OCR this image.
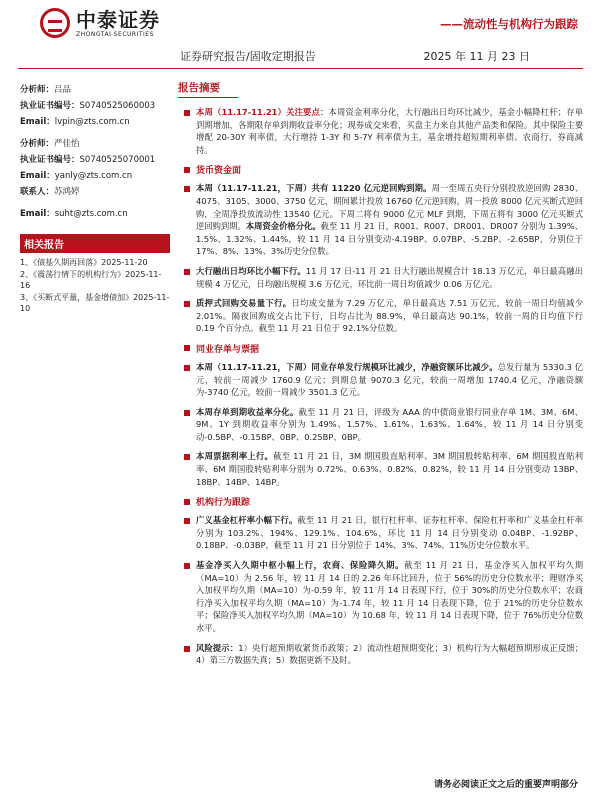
中泰证券
ZHONGTAI SECURITIES
——流动性与机构行为跟踪
证券研究报告/固收定期报告	2025 年 11 月 23 日
分析师：吕品
执业证书编号：S0740525060003
Email：lvpin@zts.com.cn
分析师：严佳怡
执业证书编号：S0740525070001
Email：yanly@zts.com.cn
联系人：苏鸿婷
Email：suht@zts.com.cn
相关报告
1、《债基久期再回落》2025-11-20
2、《震荡行情下的机构行为》2025-11-16
3、《买断式平量，基金增债加》2025-11-10
报告摘要
本周（11.17-11.21）关注要点：本周资金利率分化，大行融出日均环比减少，基金小幅降杠杆；存单到期增加，各期限存单到期收益率分化；现券成交来看，买盘主力来自其他产品类和保险。其中保险主要增配 20-30Y 利率债，大行增持 1-3Y 和 5-7Y 利率债为主，基金增持超短期利率债、农商行、券商减持。
货币资金面
本周（11.17-11.21，下周）共有 11220 亿元逆回购到期。周一至周五央行分别投放逆回购 2830、4075、3105、3000、3750 亿元，期间累计投放 16760 亿元逆回购，周一投放 8000 亿元买断式逆回购，全周净投放流动性 13540 亿元。下周二将有 9000 亿元 MLF 到期，下周五将有 3000 亿元买断式逆回购到期。本周资金价格分化。截至 11 月 21 日，R001、R007、DR001、DR007 分别为 1.39%、1.5%、1.32%、1.44%，较 11 月 14 日分别变动-4.19BP、0.07BP、-5.2BP、-2.65BP，分别位于 17%、8%、13%、3%历史分位数。
大行融出日均环比小幅下行。11 月 17 日-11 月 21 日大行融出规模合计 18.13 万亿元，单日最高融出规模 4 万亿元，日均融出规模 3.6 万亿元，环比前一周日均值减少 0.06 万亿元。
质押式回购交易量下行。日均成交量为 7.29 万亿元，单日最高达 7.51 万亿元，较前一周日均值减少 2.01%。隔夜回购成交占比下行，日均占比为 88.9%，单日最高达 90.1%，较前一周的日均值下行 0.19 个百分点。截至 11 月 21 日位于 92.1%分位数。
同业存单与票据
本周（11.17-11.21，下周）同业存单发行规模环比减少，净融资额环比减少。总发行量为 5330.3 亿元，较前一周减少 1760.9 亿元；到期总量 9070.3 亿元，较前一周增加 1740.4 亿元，净融资额为-3740 亿元，较前一周减少 3501.3 亿元。
本周存单到期收益率分化。截至 11 月 21 日，评级为 AAA 的中债商业银行同业存单 1M、3M、6M、9M、1Y 到期收益率分别为 1.49%、1.57%、1.61%、1.63%、1.64%，较 11 月 14 日分别变动-0.5BP、-0.15BP、0BP、0.25BP、0BP。
本周票据利率上行。截至 11 月 21 日，3M 期国股直贴利率、3M 期国股转贴利率、6M 期国股直贴利率、6M 期国股转贴利率分别为 0.72%、0.63%、0.82%、0.82%，较 11 月 14 日分别变动 13BP、18BP、14BP、14BP。
机构行为跟踪
广义基金杠杆率小幅下行。截至 11 月 21 日，银行杠杆率、证券杠杆率、保险杠杆率和广义基金杠杆率分别为 103.2%、194%、129.1%、104.6%，环比 11 月 14 日分别变动 0.04BP、-1.92BP、0.18BP、-0.03BP，截至 11 月 21 日分别位于 14%、3%、74%、11%历史分位数水平。
基金净买入久期中枢小幅上行，农商、保险降久期。截至 11 月 21 日，基金净买入加权平均久期（MA=10）为 2.56 年，较 11 月 14 日的 2.26 年环比回升，位于 56%的历史分位数水平；理财净买入加权平均久期（MA=10）为-0.59 年，较 11 月 14 日表现下行，位于 30%的历史分位数水平；农商行净买入加权平均久期（MA=10）为-1.74 年，较 11 月 14 日表现下降，位于 21%的历史分位数水平；保险净买入加权平均久期（MA=10）为 10.68 年，较 11 月 14 日表现下降，位于 76%历史分位数水平。
风险提示：1）央行超预期收紧货币政策；2）流动性超预期变化；3）机构行为大幅超预期形成正反馈；4）第三方数据失真；5）数据更新不及时。
请务必阅读正文之后的重要声明部分
